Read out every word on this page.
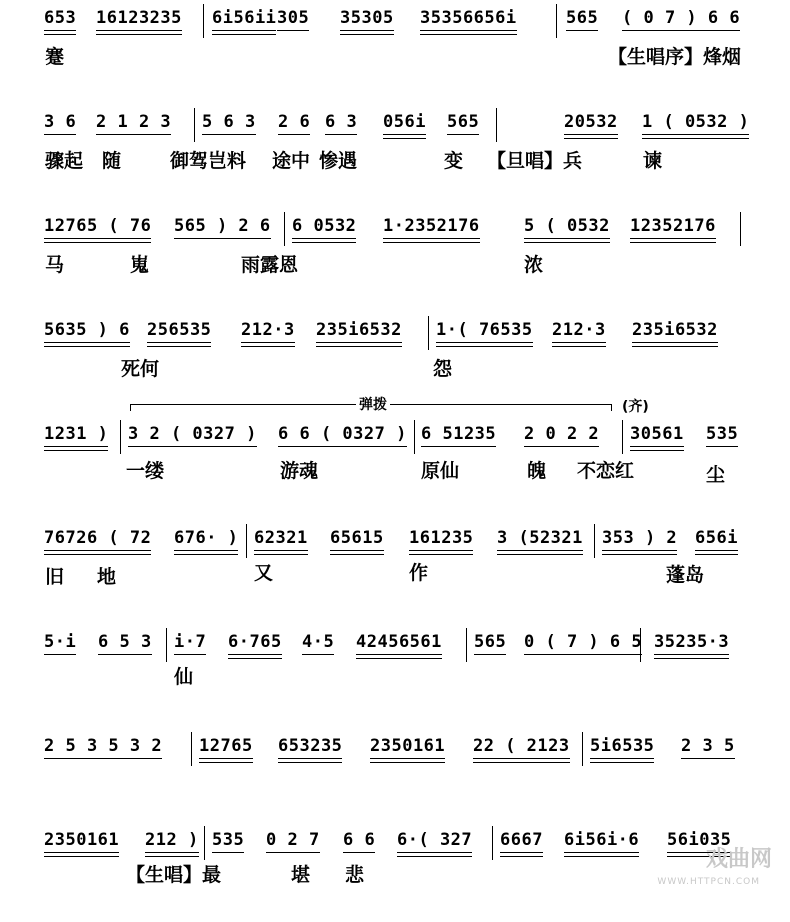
653 16123235 6i56ii 305 35305 35356656i	565 ( 0 7 ) 6 6
蹇	【生唱序】烽烟
3 6 2 1 2 3 5 6 3 2 6 6 3 056i 565	20532 1 ( 0532 )
骤起 随	御驾岂料 途中 惨遇	变 【旦唱】兵	谏
12765 ( 76 565 ) 2 6 6 0532 1·2352176	5 ( 0532 12352176
马	嵬	雨露恩	浓
5635 ) 6 256535 212·3 235i6532 1·( 76535 212·3 235i6532
死何	怨
弹拨	(齐)
1231 ) 3 2 ( 0327 ) 6 6 ( 0327 ) 6 51235 2 0 2 2 30561 535
一缕	游魂	原仙	魄 不恋红	尘
76726 ( 72 676· ) 62321 65615 161235 3 (52321 353 ) 2 656i
旧 地	又	作	蓬岛
5·i 6 5 3 i·7 6·765 4·5 42456561 565 0 ( 7 ) 6 5 35235·3
仙
2 5 3 5 3 2 12765 653235 2350161 22 ( 2123 5i6535 2 3 5
2350161 212 ) 535 0 2 7 6 6 6·( 327 6667 6i56i·6 56i035
【生唱】最	堪 悲
戏曲网
WWW.HTTPCN.COM
